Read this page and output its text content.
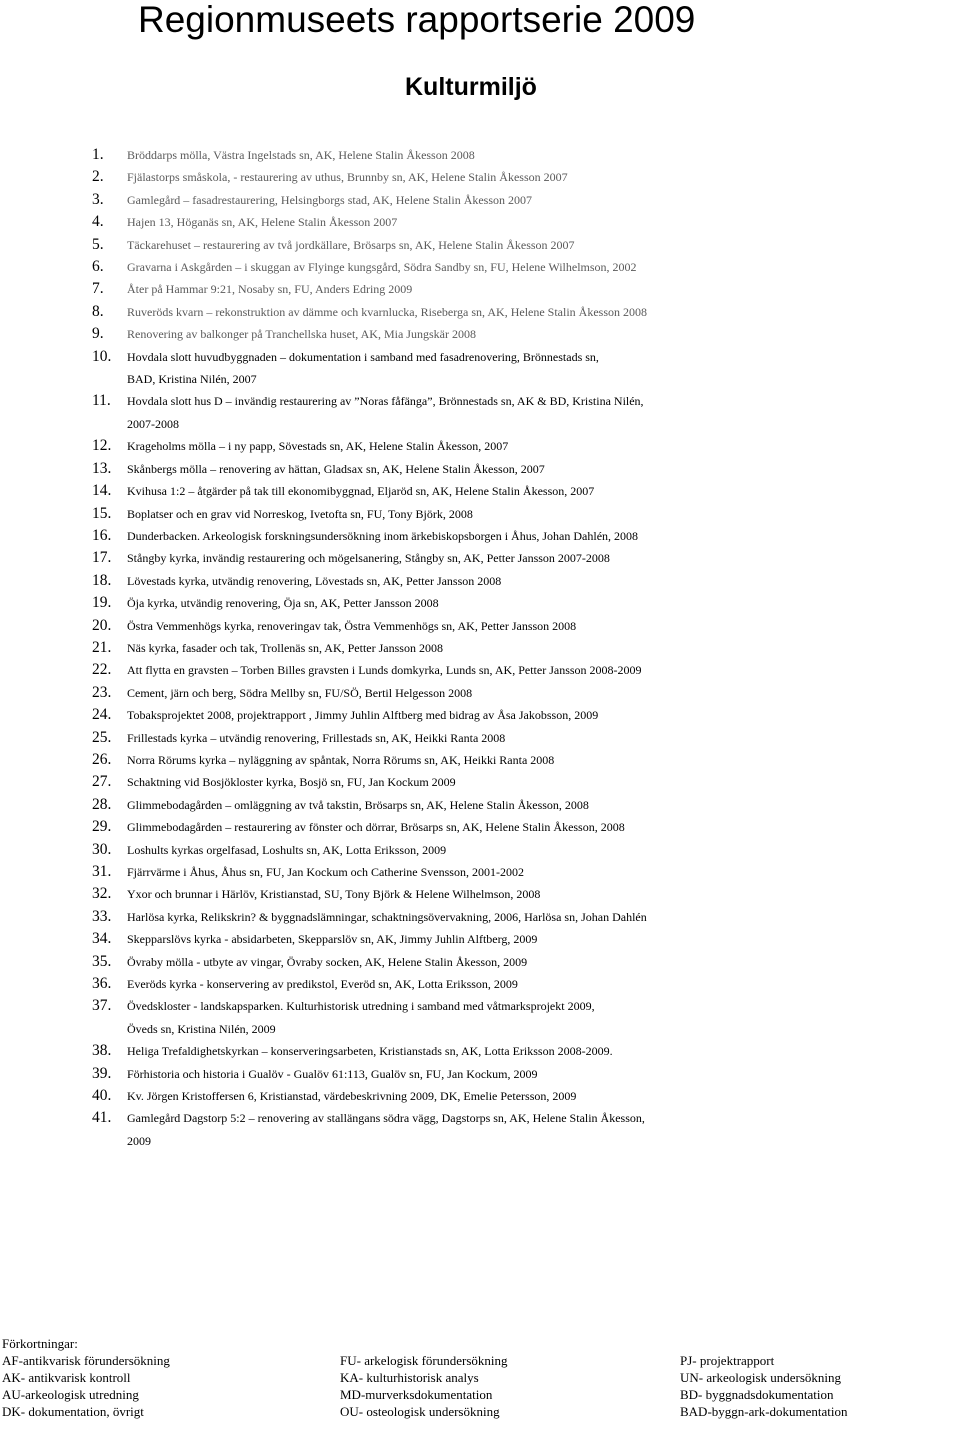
Regionmuseets rapportserie 2009
Kulturmiljö
1.	Bröddarps mölla, Västra Ingelstads sn, AK, Helene Stalin Åkesson 2008
2.	Fjälastorps småskola, - restaurering av uthus, Brunnby sn, AK, Helene Stalin Åkesson 2007
3.	Gamlegård – fasadrestaurering, Helsingborgs stad, AK, Helene Stalin Åkesson 2007
4.	Hajen 13, Höganäs sn, AK, Helene Stalin Åkesson 2007
5.	Täckarehuset – restaurering av två jordkällare, Brösarps sn, AK, Helene Stalin Åkesson 2007
6.	Gravarna i Askgården – i skuggan av Flyinge kungsgård, Södra Sandby sn, FU, Helene Wilhelmson, 2002
7.	Åter på Hammar 9:21, Nosaby sn, FU, Anders Edring 2009
8.	Ruveröds kvarn – rekonstruktion av dämme och kvarnlucka, Riseberga sn, AK, Helene Stalin Åkesson 2008
9.	Renovering av balkonger på Tranchellska huset, AK, Mia Jungskär 2008
10.	Hovdala slott huvudbyggnaden – dokumentation i samband med fasadrenovering, Brönnestads sn,
BAD, Kristina Nilén, 2007
11.	Hovdala slott hus D – invändig restaurering av ”Noras fåfänga”, Brönnestads sn, AK & BD, Kristina Nilén,
2007-2008
12.	Krageholms mölla – i ny papp, Sövestads sn, AK, Helene Stalin Åkesson, 2007
13.	Skånbergs mölla – renovering av hättan, Gladsax sn, AK, Helene Stalin Åkesson, 2007
14.	Kvihusa 1:2 – åtgärder på tak till ekonomibyggnad, Eljaröd sn, AK, Helene Stalin Åkesson, 2007
15.	Boplatser och en grav vid Norreskog, Ivetofta sn, FU, Tony Björk, 2008
16.	Dunderbacken. Arkeologisk forskningsundersökning inom ärkebiskopsborgen i Åhus, Johan Dahlén, 2008
17.	Stångby kyrka, invändig restaurering och mögelsanering, Stångby sn, AK, Petter Jansson 2007-2008
18.	Lövestads kyrka, utvändig renovering, Lövestads sn, AK, Petter Jansson 2008
19.	Öja kyrka, utvändig renovering, Öja sn, AK, Petter Jansson 2008
20.	Östra Vemmenhögs kyrka, renoveringav tak, Östra Vemmenhögs sn, AK, Petter Jansson 2008
21.	Näs kyrka, fasader och tak, Trollenäs sn, AK, Petter Jansson 2008
22.	Att flytta en gravsten – Torben Billes gravsten i Lunds domkyrka, Lunds sn, AK, Petter Jansson 2008-2009
23.	Cement, järn och berg, Södra Mellby sn, FU/SÖ, Bertil Helgesson 2008
24.	Tobaksprojektet 2008, projektrapport , Jimmy Juhlin Alftberg med bidrag av Åsa Jakobsson, 2009
25.	Frillestads kyrka – utvändig renovering, Frillestads sn, AK, Heikki Ranta 2008
26.	Norra Rörums kyrka – nyläggning av spåntak, Norra Rörums sn, AK, Heikki Ranta 2008
27.	Schaktning vid Bosjökloster kyrka, Bosjö sn, FU, Jan Kockum 2009
28.	Glimmebodagården – omläggning av två takstin, Brösarps sn, AK, Helene Stalin Åkesson, 2008
29.	Glimmebodagården – restaurering av fönster och dörrar, Brösarps sn, AK, Helene Stalin Åkesson, 2008
30.	Loshults kyrkas orgelfasad, Loshults sn, AK, Lotta Eriksson, 2009
31.	Fjärrvärme i Åhus, Åhus sn, FU, Jan Kockum och Catherine Svensson, 2001-2002
32.	Yxor och brunnar i Härlöv, Kristianstad, SU, Tony Björk & Helene Wilhelmson, 2008
33.	Harlösa kyrka, Relikskrin? & byggnadslämningar, schaktningsövervakning, 2006, Harlösa sn, Johan Dahlén
34.	Skepparslövs kyrka - absidarbeten, Skepparslöv sn, AK, Jimmy Juhlin Alftberg, 2009
35.	Övraby mölla - utbyte av vingar, Övraby socken, AK, Helene Stalin Åkesson, 2009
36.	Everöds kyrka - konservering av predikstol, Everöd sn, AK, Lotta Eriksson, 2009
37.	Övedskloster - landskapsparken. Kulturhistorisk utredning i samband med våtmarksprojekt 2009,
Öveds sn, Kristina Nilén, 2009
38.	Heliga Trefaldighetskyrkan – konserveringsarbeten, Kristianstads sn, AK, Lotta Eriksson 2008-2009.
39.	Förhistoria och historia i Gualöv - Gualöv 61:113, Gualöv sn, FU, Jan Kockum, 2009
40.	Kv. Jörgen Kristoffersen 6, Kristianstad, värdebeskrivning 2009, DK, Emelie Petersson, 2009
41.	Gamlegård Dagstorp 5:2 – renovering av stallängans södra vägg, Dagstorps sn, AK, Helene Stalin Åkesson,
2009
Förkortningar:
AF-antikvarisk förundersökning	FU- arkelogisk förundersökning	PJ- projektrapport
AK- antikvarisk kontroll	KA- kulturhistorisk analys	UN- arkeologisk undersökning
AU-arkeologisk utredning	MD-murverksdokumentation	BD- byggnadsdokumentation
DK- dokumentation, övrigt	OU- osteologisk undersökning	BAD-byggn-ark-dokumentation
